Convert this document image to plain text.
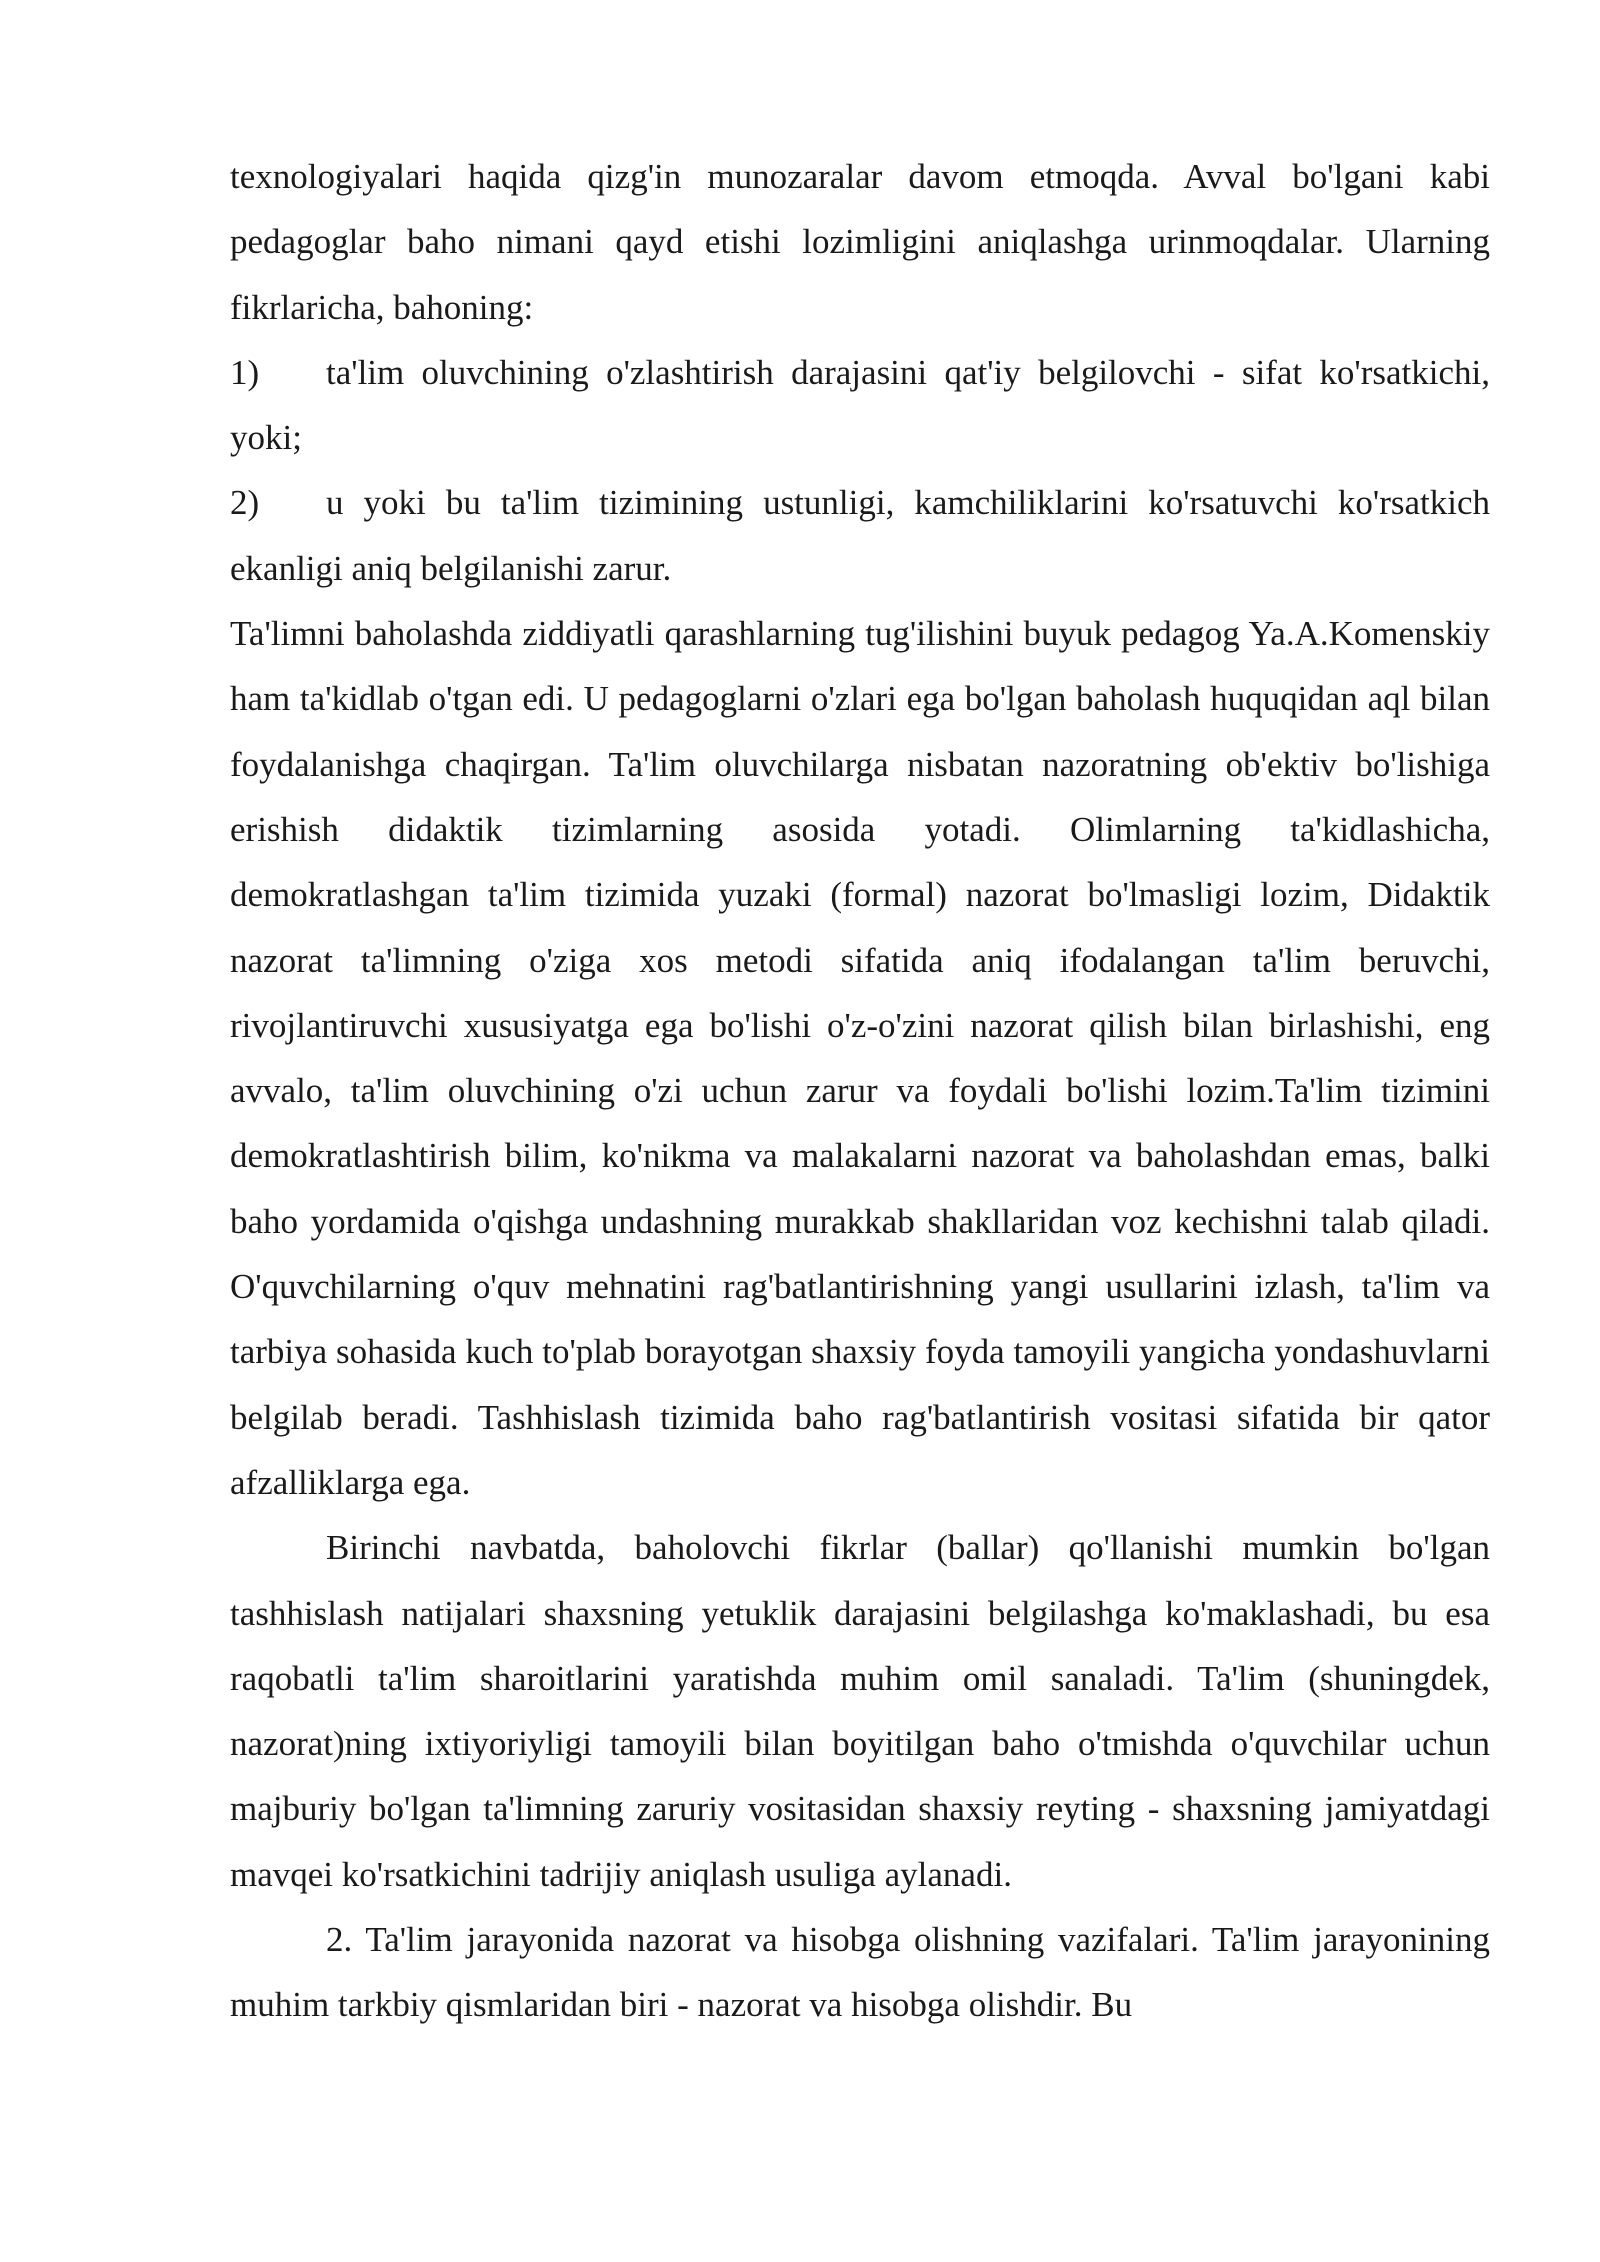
texnologiyalari haqida qizg'in munozaralar davom etmoqda. Avval bo'lgani kabi pedagoglar baho nimani qayd etishi lozimligini aniqlashga urinmoqdalar. Ularning fikrlaricha, bahoning:

1) ta'lim oluvchining o'zlashtirish darajasini qat'iy belgilovchi - sifat ko'rsatkichi, yoki;

2) u yoki bu ta'lim tizimining ustunligi, kamchiliklarini ko'rsatuvchi ko'rsatkich ekanligi aniq belgilanishi zarur.

Ta'limni baholashda ziddiyatli qarashlarning tug'ilishini buyuk pedagog Ya.A.Komenskiy ham ta'kidlab o'tgan edi. U pedagoglarni o'zlari ega bo'lgan baholash huquqidan aql bilan foydalanishga chaqirgan. Ta'lim oluvchilarga nisbatan nazoratning ob'ektiv bo'lishiga erishish didaktik tizimlarning asosida yotadi. Olimlarning ta'kidlashicha, demokratlashgan ta'lim tizimida yuzaki (formal) nazorat bo'lmasligi lozim, Didaktik nazorat ta'limning o'ziga xos metodi sifatida aniq ifodalangan ta'lim beruvchi, rivojlantiruvchi xususiyatga ega bo'lishi o'z-o'zini nazorat qilish bilan birlashishi, eng avvalo, ta'lim oluvchining o'zi uchun zarur va foydali bo'lishi lozim.Ta'lim tizimini demokratlashtirish bilim, ko'nikma va malakalarni nazorat va baholashdan emas, balki baho yordamida o'qishga undashning murakkab shakllaridan voz kechishni talab qiladi. O'quvchilarning o'quv mehnatini rag'batlantirishning yangi usullarini izlash, ta'lim va tarbiya sohasida kuch to'plab borayotgan shaxsiy foyda tamoyili yangicha yondashuvlarni belgilab beradi. Tashhislash tizimida baho rag'batlantirish vositasi sifatida bir qator afzalliklarga ega.

Birinchi navbatda, baholovchi fikrlar (ballar) qo'llanishi mumkin bo'lgan tashhislash natijalari shaxsning yetuklik darajasini belgilashga ko'maklashadi, bu esa raqobatli ta'lim sharoitlarini yaratishda muhim omil sanaladi. Ta'lim (shuningdek, nazorat)ning ixtiyoriyligi tamoyili bilan boyitilgan baho o'tmishda o'quvchilar uchun majburiy bo'lgan ta'limning zaruriy vositasidan shaxsiy reyting - shaxsning jamiyatdagi mavqei ko'rsatkichini tadrijiy aniqlash usuliga aylanadi.

2. Ta'lim jarayonida nazorat va hisobga olishning vazifalari. Ta'lim jarayonining muhim tarkbiy qismlaridan biri - nazorat va hisobga olishdir. Bu
